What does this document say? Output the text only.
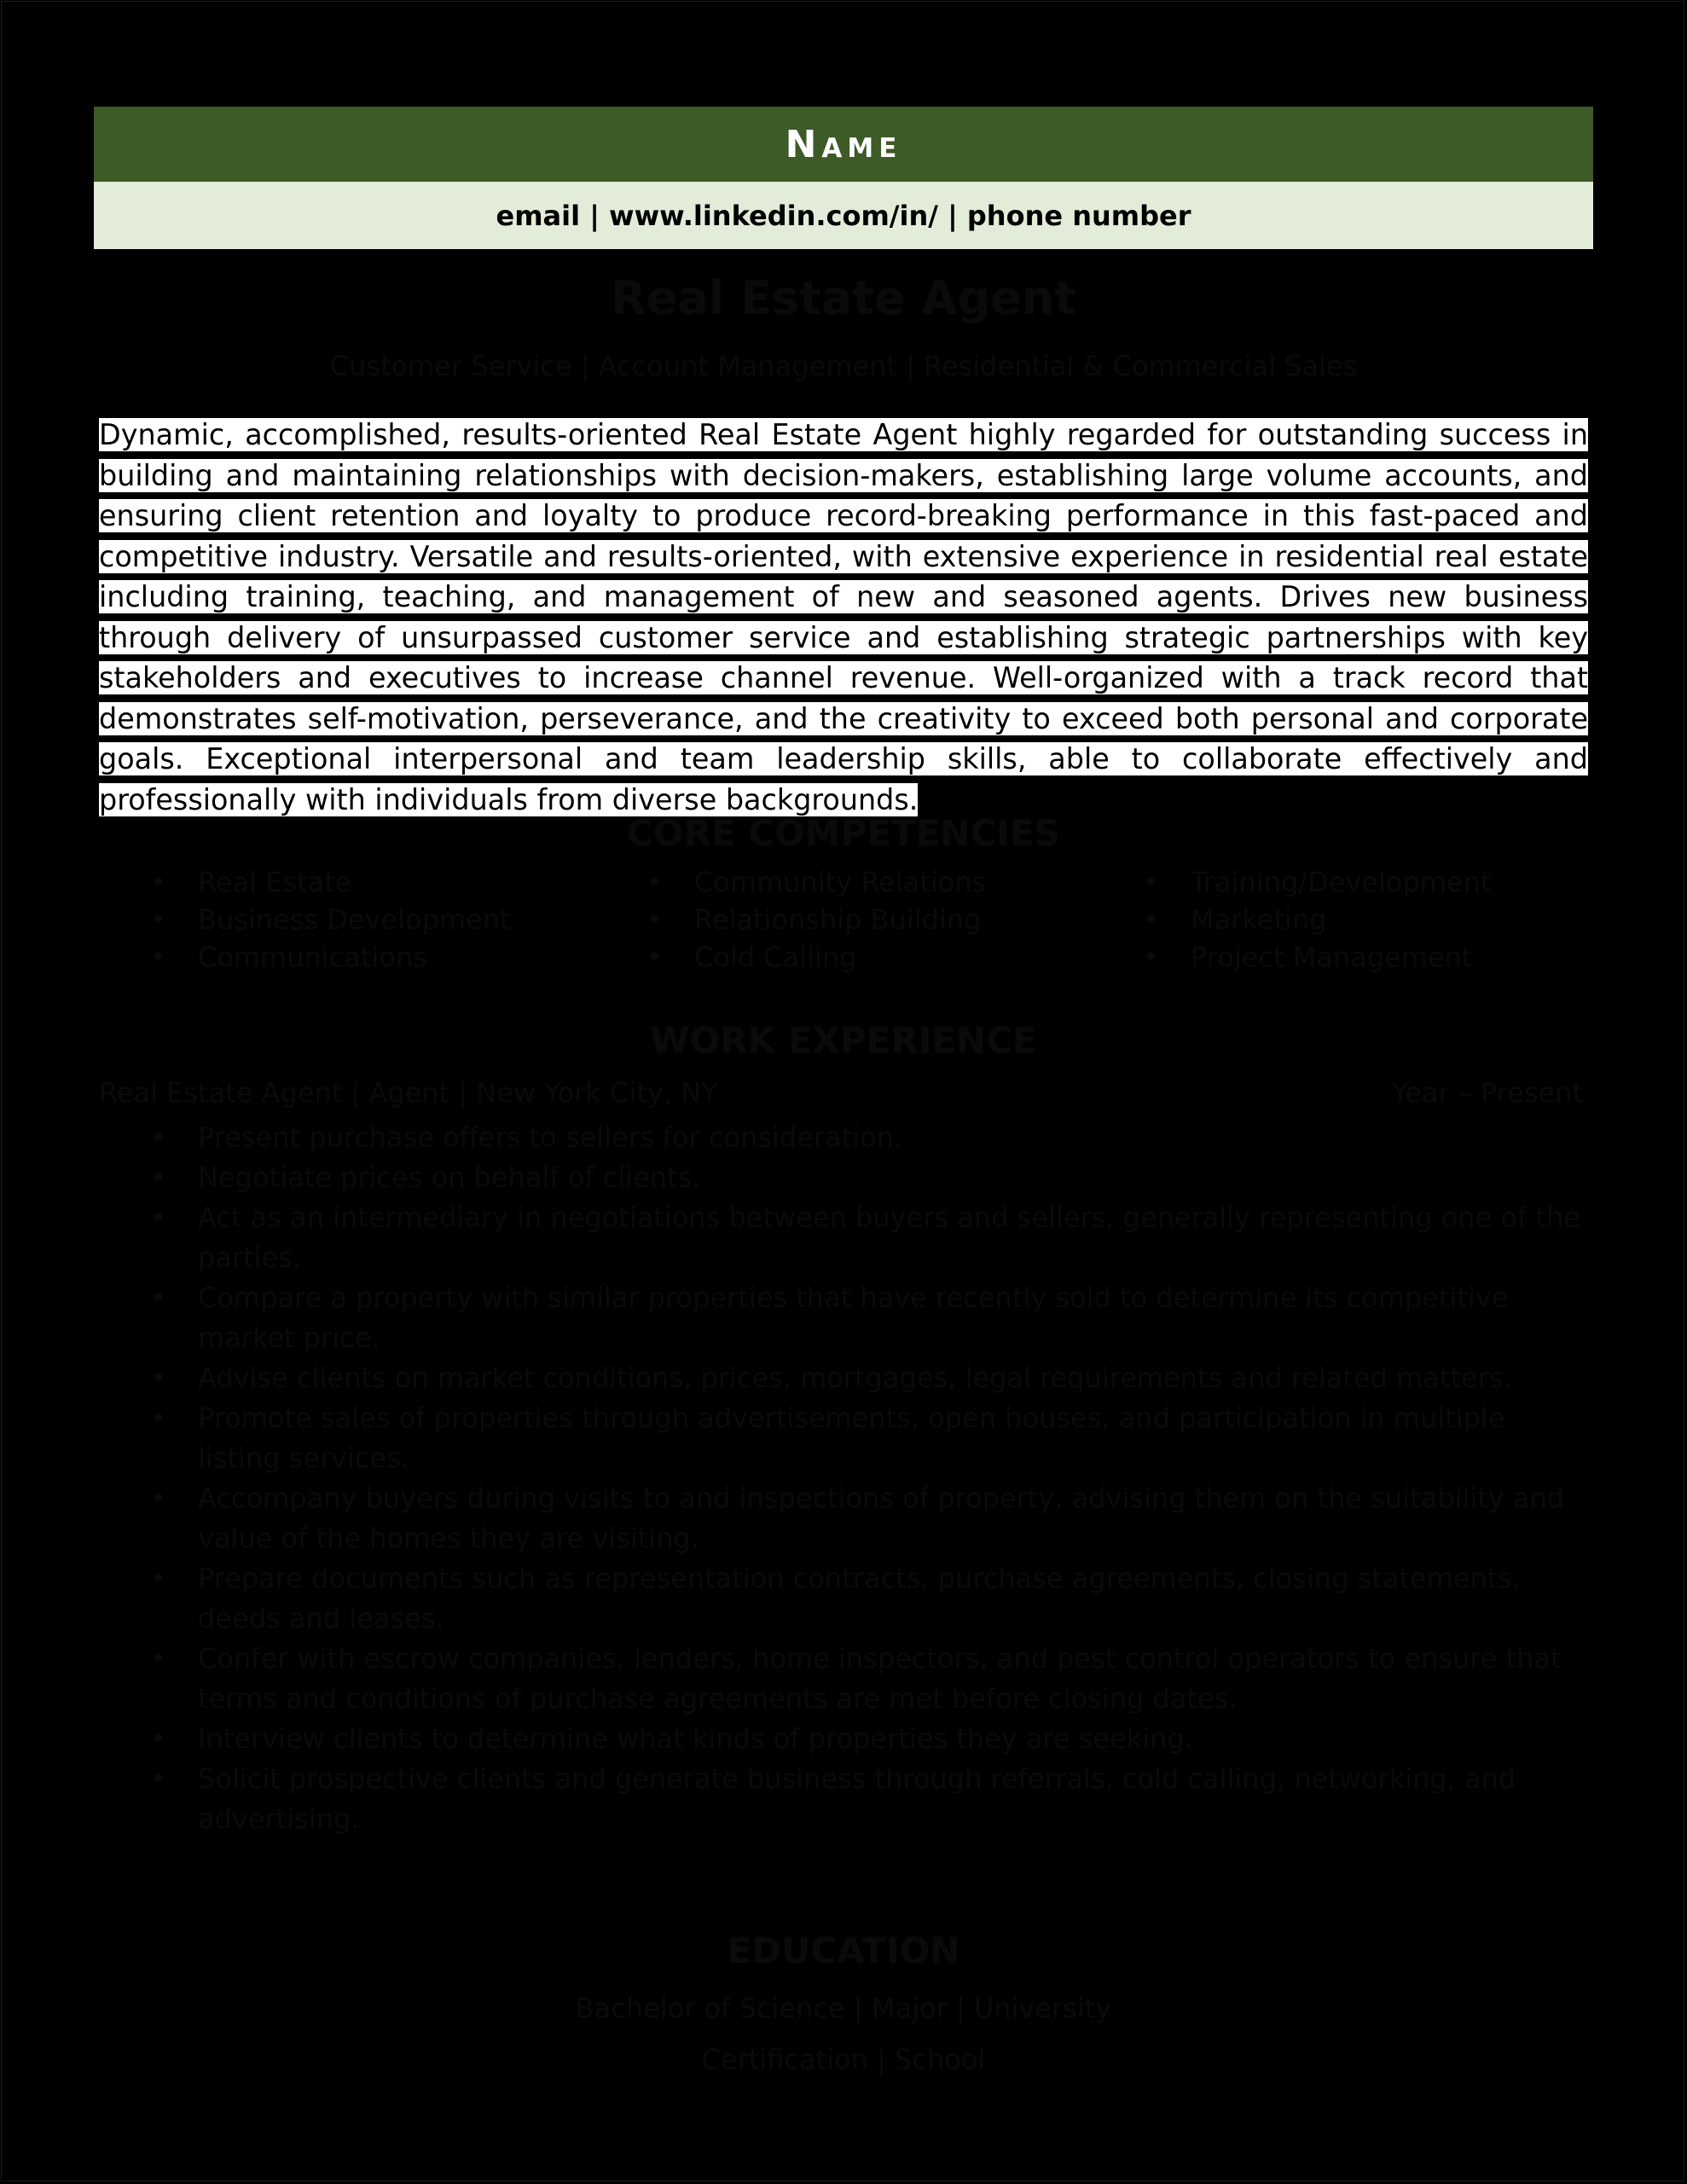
Name
email | www.linkedin.com/in/ | phone number
Real Estate Agent
Customer Service | Account Management | Residential & Commercial Sales
Dynamic, accomplished, results-oriented Real Estate Agent highly regarded for outstanding success in building and maintaining relationships with decision-makers, establishing large volume accounts, and ensuring client retention and loyalty to produce record-breaking performance in this fast-paced and competitive industry. Versatile and results-oriented, with extensive experience in residential real estate including training, teaching, and management of new and seasoned agents. Drives new business through delivery of unsurpassed customer service and establishing strategic partnerships with key stakeholders and executives to increase channel revenue. Well-organized with a track record that demonstrates self-motivation, perseverance, and the creativity to exceed both personal and corporate goals. Exceptional interpersonal and team leadership skills, able to collaborate effectively and professionally with individuals from diverse backgrounds.
CORE COMPETENCIES
•	Real Estate	•	Community Relations	•	Training/Development
•	Business Development	•	Relationship Building	•	Marketing
•	Communications	•	Cold Calling	•	Project Management
WORK EXPERIENCE
Real Estate Agent | Agent | New York City, NY	Year – Present
•	Present purchase offers to sellers for consideration.
•	Negotiate prices on behalf of clients.
•	Act as an intermediary in negotiations between buyers and sellers, generally representing one of the parties.
•	Compare a property with similar properties that have recently sold to determine its competitive market price.
•	Advise clients on market conditions, prices, mortgages, legal requirements and related matters.
•	Promote sales of properties through advertisements, open houses, and participation in multiple listing services.
•	Accompany buyers during visits to and inspections of property, advising them on the suitability and value of the homes they are visiting.
•	Prepare documents such as representation contracts, purchase agreements, closing statements, deeds and leases.
•	Confer with escrow companies, lenders, home inspectors, and pest control operators to ensure that terms and conditions of purchase agreements are met before closing dates.
•	Interview clients to determine what kinds of properties they are seeking.
•	Solicit prospective clients and generate business through referrals, cold calling, networking, and advertising.
EDUCATION
Bachelor of Science | Major | University
Certification | School
